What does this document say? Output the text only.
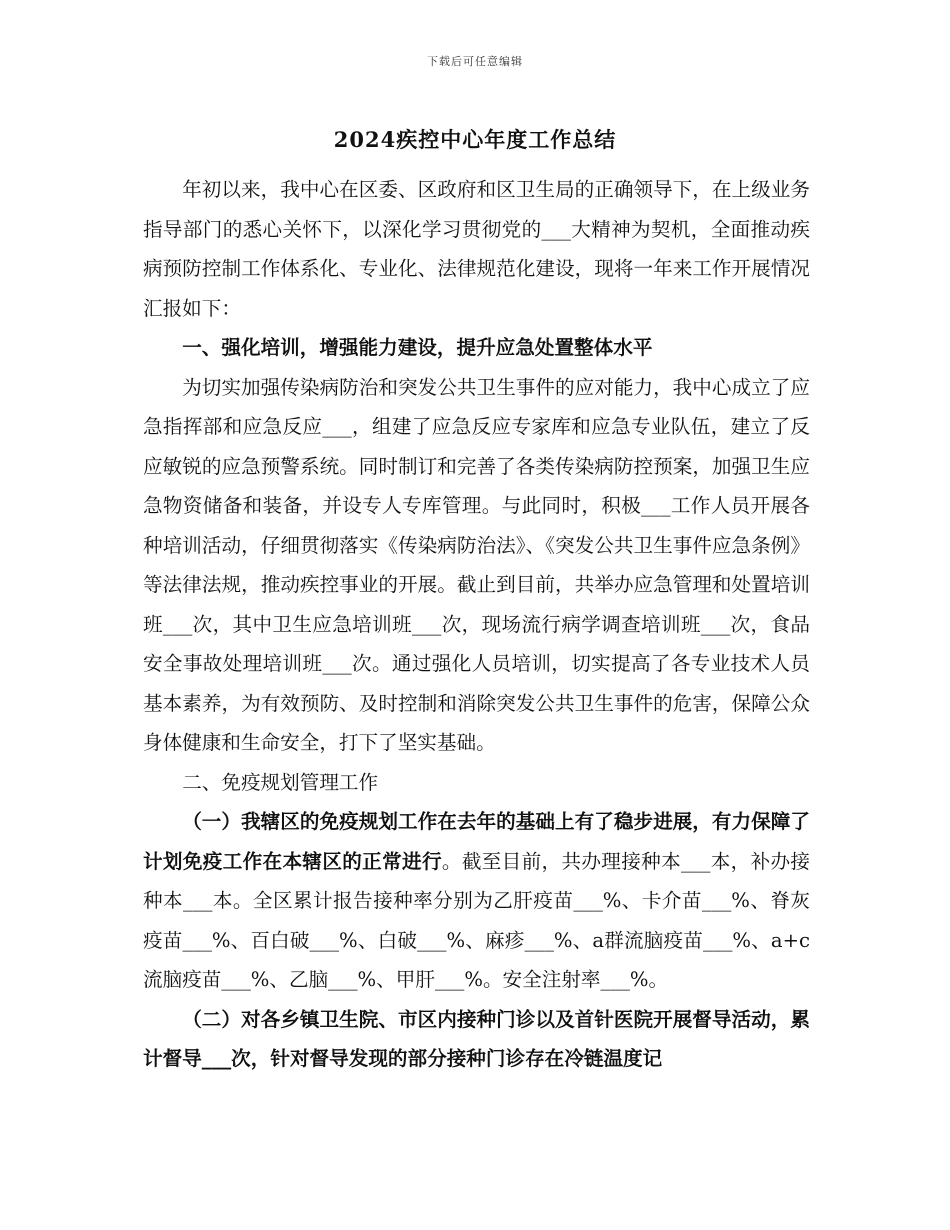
下载后可任意编辑
2024疾控中心年度工作总结

年初以来，我中心在区委、区政府和区卫生局的正确领导下，在上级业务指导部门的悉心关怀下，以深化学习贯彻党的___大精神为契机，全面推动疾病预防控制工作体系化、专业化、法律规范化建设，现将一年来工作开展情况汇报如下：

一、强化培训，增强能力建设，提升应急处置整体水平

为切实加强传染病防治和突发公共卫生事件的应对能力，我中心成立了应急指挥部和应急反应___，组建了应急反应专家库和应急专业队伍，建立了反应敏锐的应急预警系统。同时制订和完善了各类传染病防控预案，加强卫生应急物资储备和装备，并设专人专库管理。与此同时，积极___工作人员开展各种培训活动，仔细贯彻落实《传染病防治法》、《突发公共卫生事件应急条例》等法律法规，推动疾控事业的开展。截止到目前，共举办应急管理和处置培训班___次，其中卫生应急培训班___次，现场流行病学调查培训班___次，食品安全事故处理培训班___次。通过强化人员培训，切实提高了各专业技术人员基本素养，为有效预防、及时控制和消除突发公共卫生事件的危害，保障公众身体健康和生命安全，打下了坚实基础。

二、免疫规划管理工作

（一）我辖区的免疫规划工作在去年的基础上有了稳步进展，有力保障了计划免疫工作在本辖区的正常进行。截至目前，共办理接种本___本，补办接种本___本。全区累计报告接种率分别为乙肝疫苗___%、卡介苗___%、脊灰疫苗___%、百白破___%、白破___%、麻疹___%、a群流脑疫苗___%、a+c流脑疫苗___%、乙脑___%、甲肝___%。安全注射率___%。

（二）对各乡镇卫生院、市区内接种门诊以及首针医院开展督导活动，累计督导___次，针对督导发现的部分接种门诊存在冷链温度记
